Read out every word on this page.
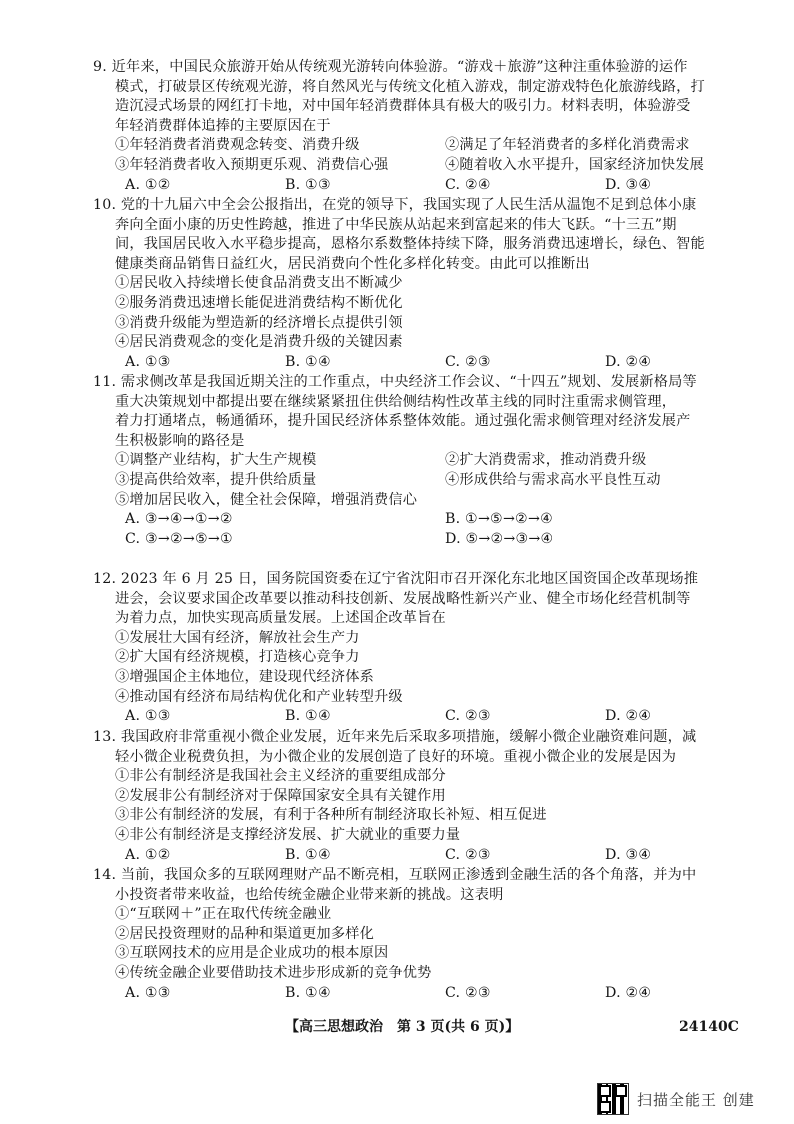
9. 近年来，中国民众旅游开始从传统观光游转向体验游。“游戏＋旅游”这种注重体验游的运作
模式，打破景区传统观光游，将自然风光与传统文化植入游戏，制定游戏特色化旅游线路，打
造沉浸式场景的网红打卡地，对中国年轻消费群体具有极大的吸引力。材料表明，体验游受
年轻消费群体追捧的主要原因在于
①年轻消费者消费观念转变、消费升级	②满足了年轻消费者的多样化消费需求
③年轻消费者收入预期更乐观、消费信心强	④随着收入水平提升，国家经济加快发展
A. ①②	B. ①③	C. ②④	D. ③④
10. 党的十九届六中全会公报指出，在党的领导下，我国实现了人民生活从温饱不足到总体小康
奔向全面小康的历史性跨越，推进了中华民族从站起来到富起来的伟大飞跃。“十三五”期
间，我国居民收入水平稳步提高，恩格尔系数整体持续下降，服务消费迅速增长，绿色、智能
健康类商品销售日益红火，居民消费向个性化多样化转变。由此可以推断出
①居民收入持续增长使食品消费支出不断减少
②服务消费迅速增长能促进消费结构不断优化
③消费升级能为塑造新的经济增长点提供引领
④居民消费观念的变化是消费升级的关键因素
A. ①③	B. ①④	C. ②③	D. ②④
11. 需求侧改革是我国近期关注的工作重点，中央经济工作会议、“十四五”规划、发展新格局等
重大决策规划中都提出要在继续紧紧扭住供给侧结构性改革主线的同时注重需求侧管理，
着力打通堵点，畅通循环，提升国民经济体系整体效能。通过强化需求侧管理对经济发展产
生积极影响的路径是
①调整产业结构，扩大生产规模	②扩大消费需求，推动消费升级
③提高供给效率，提升供给质量	④形成供给与需求高水平良性互动
⑤增加居民收入，健全社会保障，增强消费信心
A. ③→④→①→②	B. ①→⑤→②→④
C. ③→②→⑤→①	D. ⑤→②→③→④
12. 2023 年 6 月 25 日，国务院国资委在辽宁省沈阳市召开深化东北地区国资国企改革现场推
进会，会议要求国企改革要以推动科技创新、发展战略性新兴产业、健全市场化经营机制等
为着力点，加快实现高质量发展。上述国企改革旨在
①发展壮大国有经济，解放社会生产力
②扩大国有经济规模，打造核心竞争力
③增强国企主体地位，建设现代经济体系
④推动国有经济布局结构优化和产业转型升级
A. ①③	B. ①④	C. ②③	D. ②④
13. 我国政府非常重视小微企业发展，近年来先后采取多项措施，缓解小微企业融资难问题，减
轻小微企业税费负担，为小微企业的发展创造了良好的环境。重视小微企业的发展是因为
①非公有制经济是我国社会主义经济的重要组成部分
②发展非公有制经济对于保障国家安全具有关键作用
③非公有制经济的发展，有利于各种所有制经济取长补短、相互促进
④非公有制经济是支撑经济发展、扩大就业的重要力量
A. ①②	B. ①④	C. ②③	D. ③④
14. 当前，我国众多的互联网理财产品不断亮相，互联网正渗透到金融生活的各个角落，并为中
小投资者带来收益，也给传统金融企业带来新的挑战。这表明
①“互联网＋”正在取代传统金融业
②居民投资理财的品种和渠道更加多样化
③互联网技术的应用是企业成功的根本原因
④传统金融企业要借助技术进步形成新的竞争优势
A. ①③	B. ①④	C. ②③	D. ②④
【高三思想政治　第 3 页(共 6 页)】	24140C
扫描全能王 创建
